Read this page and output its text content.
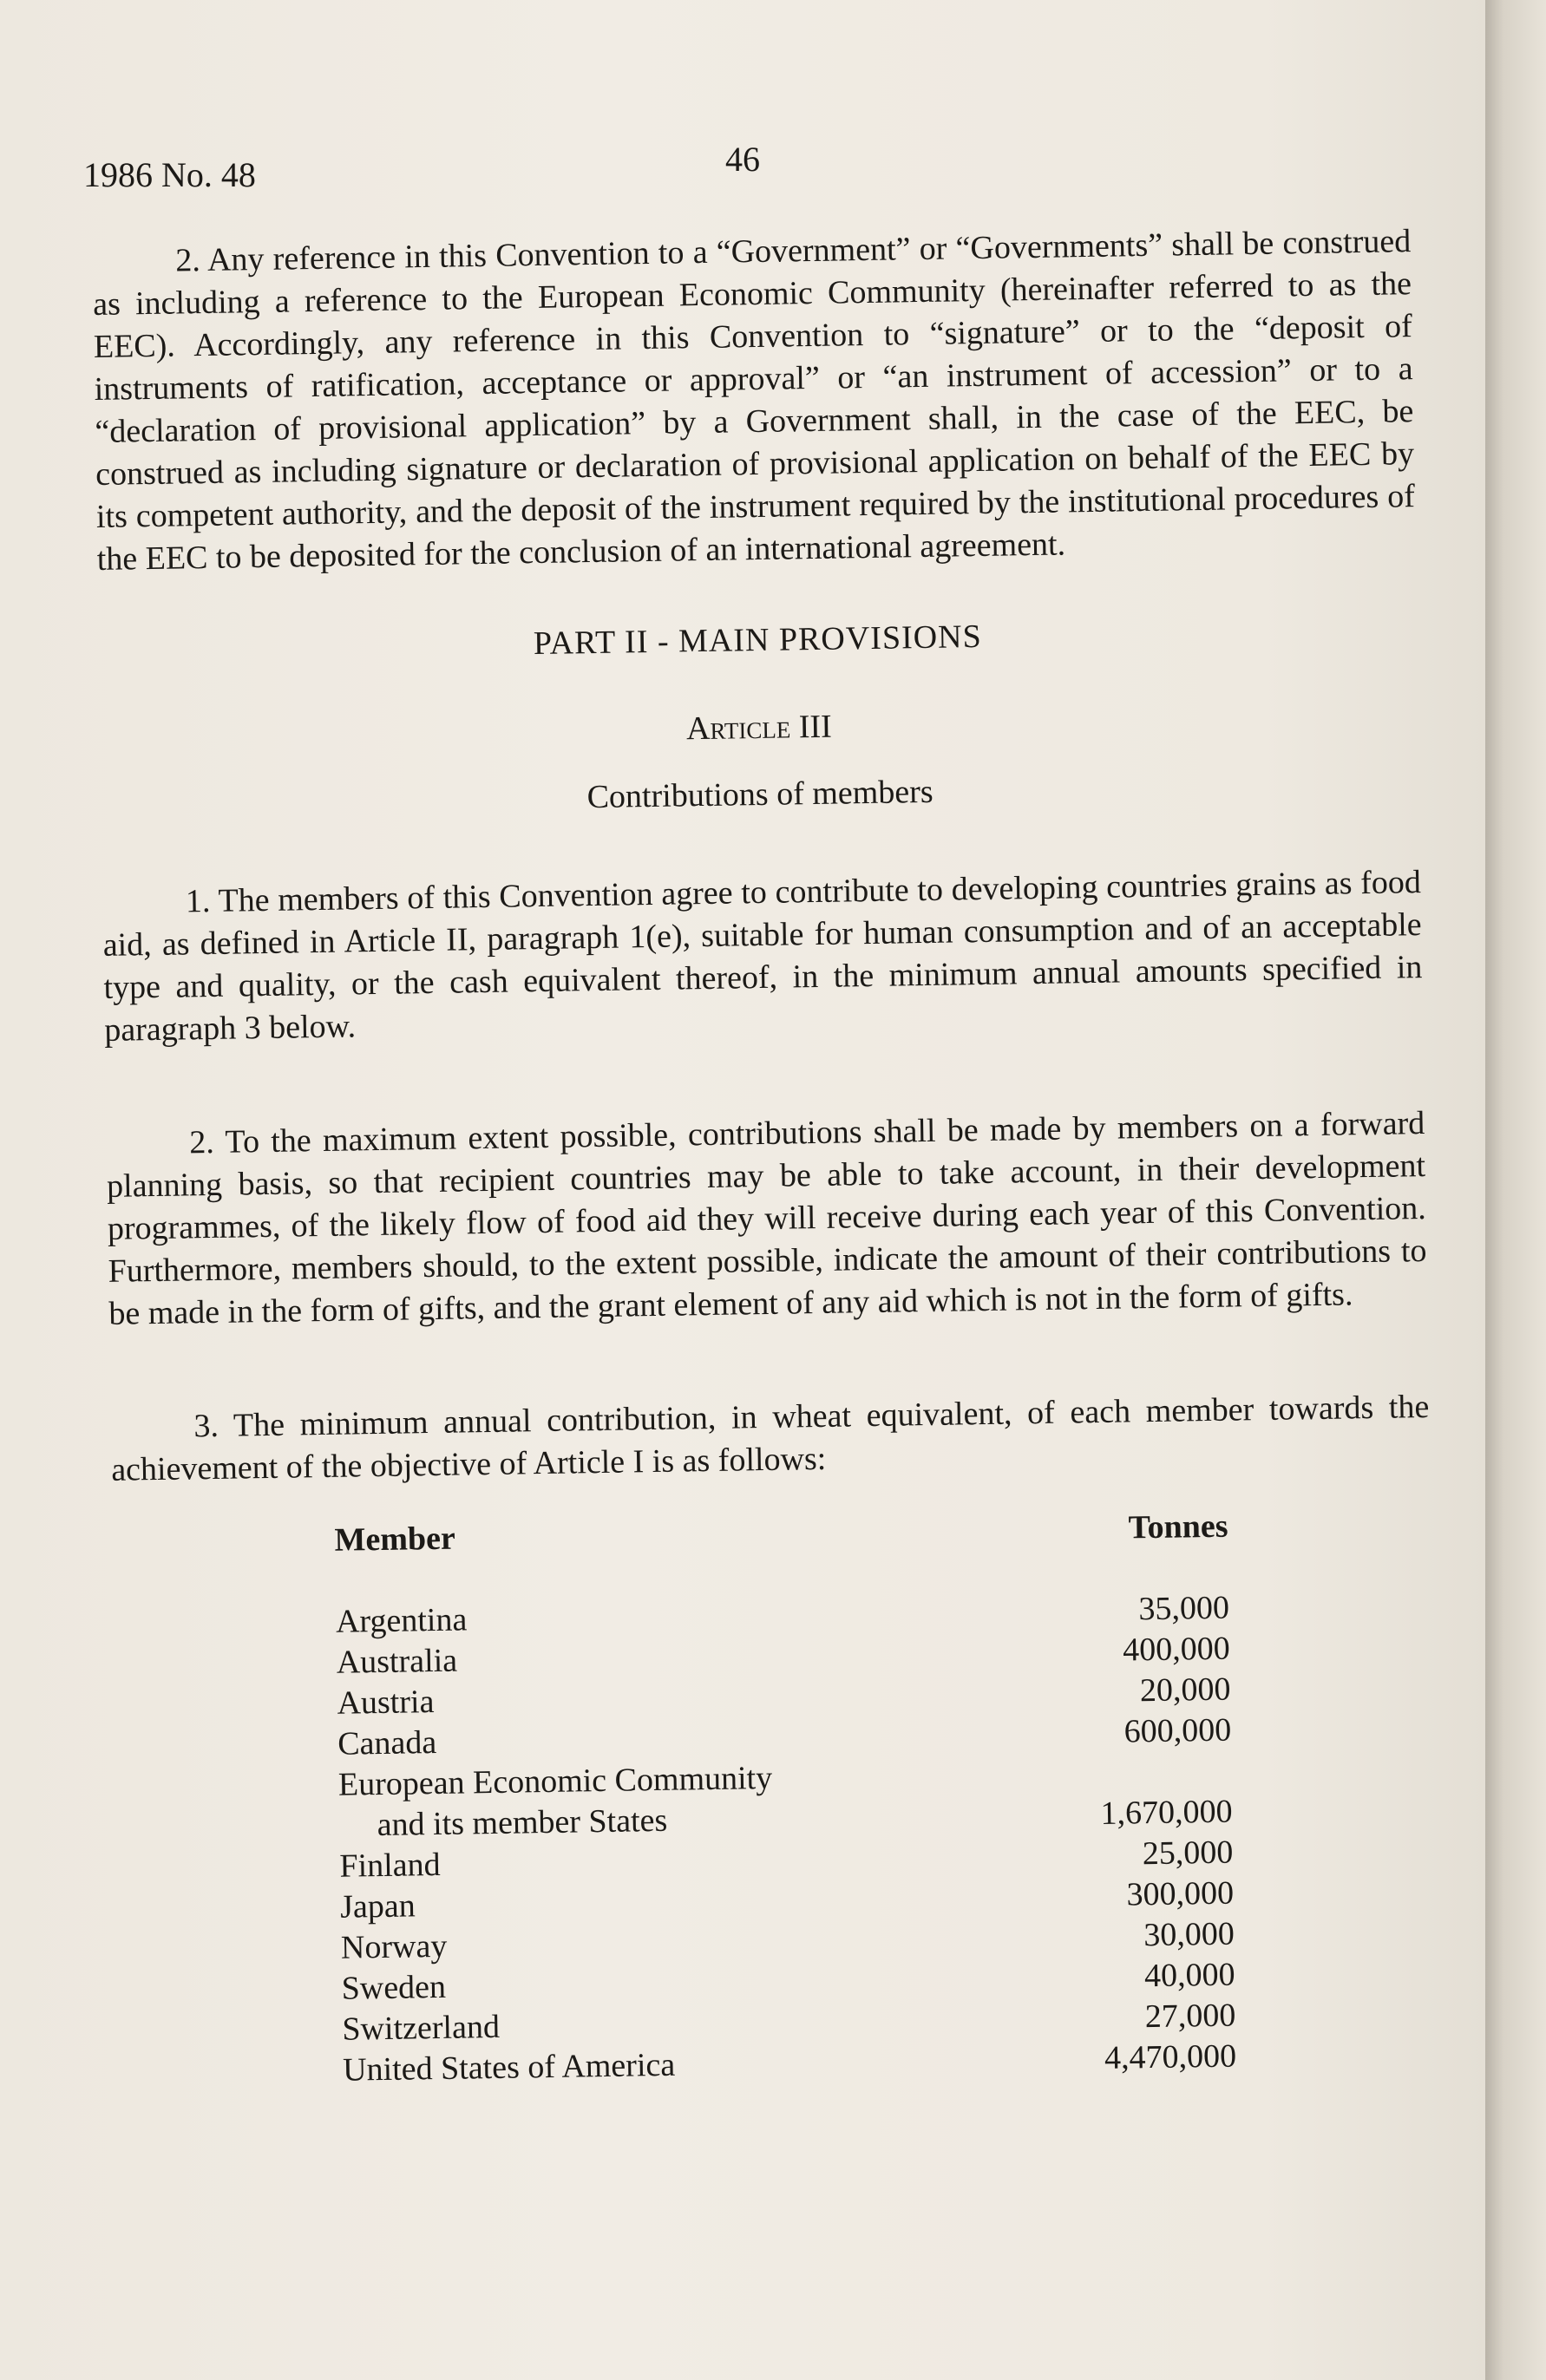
1986 No. 48	46

2. Any reference in this Convention to a “Government” or “Governments” shall be construed as including a reference to the European Economic Community (hereinafter referred to as the EEC). Accordingly, any reference in this Convention to “signature” or to the “deposit of instruments of ratification, acceptance or approval” or “an instrument of accession” or to a “declaration of provisional application” by a Government shall, in the case of the EEC, be construed as including signature or declaration of provisional application on behalf of the EEC by its competent authority, and the deposit of the instrument required by the institutional procedures of the EEC to be deposited for the conclusion of an international agreement.

PART II - MAIN PROVISIONS
Article III
Contributions of members

1. The members of this Convention agree to contribute to developing countries grains as food aid, as defined in Article II, paragraph 1(e), suitable for human consumption and of an acceptable type and quality, or the cash equivalent thereof, in the minimum annual amounts specified in paragraph 3 below.

2. To the maximum extent possible, contributions shall be made by members on a forward planning basis, so that recipient countries may be able to take account, in their development programmes, of the likely flow of food aid they will receive during each year of this Convention. Furthermore, members should, to the extent possible, indicate the amount of their contributions to be made in the form of gifts, and the grant element of any aid which is not in the form of gifts.

3. The minimum annual contribution, in wheat equivalent, of each member towards the achievement of the objective of Article I is as follows:

Member	Tonnes
Argentina	35,000
Australia	400,000
Austria	20,000
Canada	600,000
European Economic Community
and its member States	1,670,000
Finland	25,000
Japan	300,000
Norway	30,000
Sweden	40,000
Switzerland	27,000
United States of America	4,470,000
